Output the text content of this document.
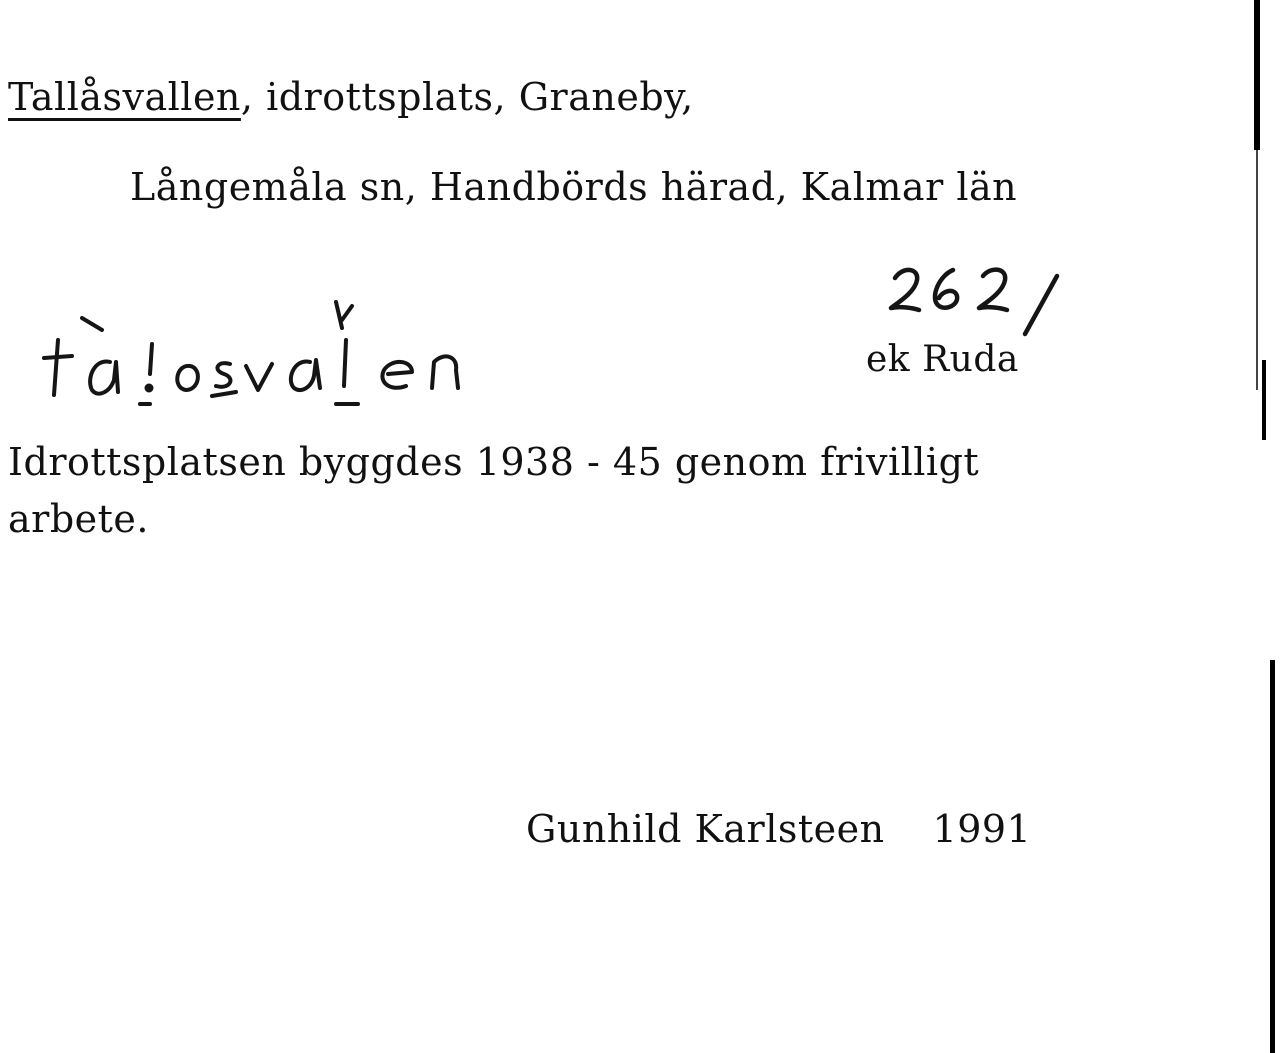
Tallåsvallen, idrottsplats, Graneby,
Långemåla sn, Handbörds härad, Kalmar län
ek Ruda
Idrottsplatsen byggdes 1938 - 45 genom frivilligt
arbete.
Gunhild Karlsteen 1991
